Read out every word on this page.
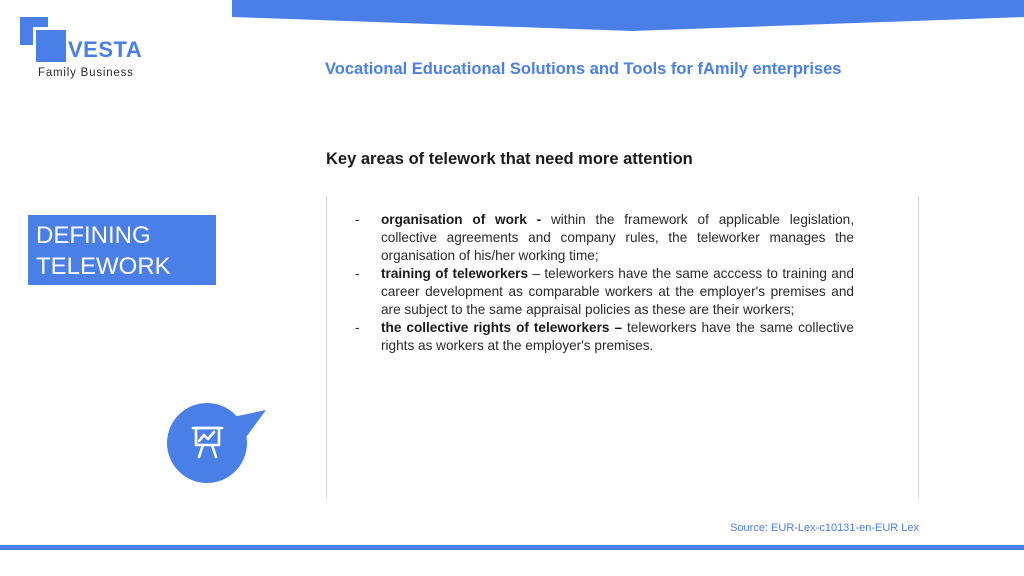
VESTA
Family Business	Vocational Educational Solutions and Tools for fAmily enterprises
Key areas of telework that need more attention
DEFINING
TELEWORK
- organisation of work - within the framework of applicable legislation, collective agreements and company rules, the teleworker manages the organisation of his/her working time;
- training of teleworkers – teleworkers have the same acccess to training and career development as comparable workers at the employer's premises and are subject to the same appraisal policies as these are their workers;
- the collective rights of teleworkers – teleworkers have the same collective rights as workers at the employer's premises.
Source: EUR-Lex-c10131-en-EUR Lex
